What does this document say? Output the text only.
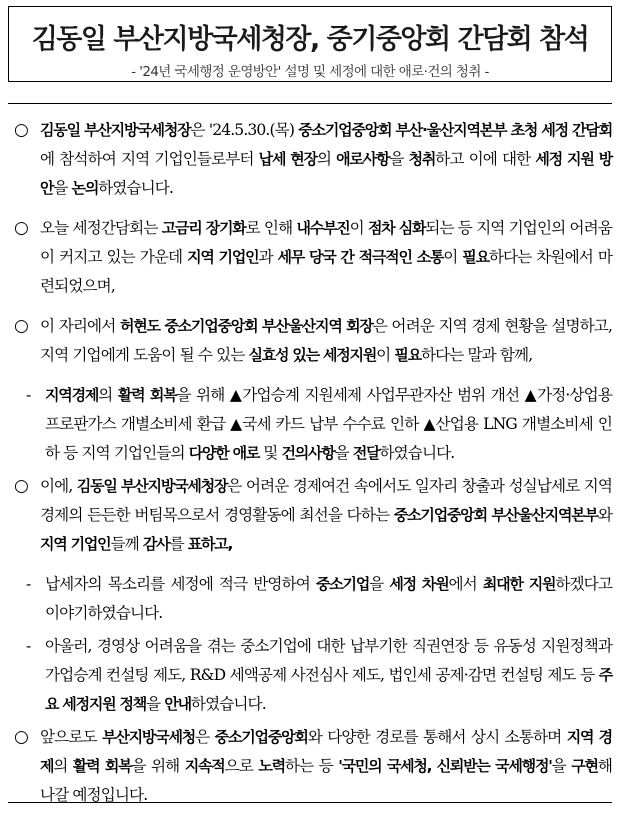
김동일 부산지방국세청장, 중기중앙회 간담회 참석
- '24년 국세행정 운영방안' 설명 및 세정에 대한 애로·건의 청취 -
○ 김동일 부산지방국세청장은 '24.5.30.(목) 중소기업중앙회 부산·울산지역본부 초청 세정 간담회에 참석하여 지역 기업인들로부터 납세 현장의 애로사항을 청취하고 이에 대한 세정 지원 방안을 논의하였습니다.
○ 오늘 세정간담회는 고금리 장기화로 인해 내수부진이 점차 심화되는 등 지역 기업인의 어려움이 커지고 있는 가운데 지역 기업인과 세무 당국 간 적극적인 소통이 필요하다는 차원에서 마련되었으며,
○ 이 자리에서 허현도 중소기업중앙회 부산울산지역 회장은 어려운 지역 경제 현황을 설명하고, 지역 기업에게 도움이 될 수 있는 실효성 있는 세정지원이 필요하다는 말과 함께,
- 지역경제의 활력 회복을 위해 ▲가업승계 지원세제 사업무관자산 범위 개선 ▲가정·상업용 프로판가스 개별소비세 환급 ▲국세 카드 납부 수수료 인하 ▲산업용 LNG 개별소비세 인하 등 지역 기업인들의 다양한 애로 및 건의사항을 전달하였습니다.
○ 이에, 김동일 부산지방국세청장은 어려운 경제여건 속에서도 일자리 창출과 성실납세로 지역 경제의 든든한 버팀목으로서 경영활동에 최선을 다하는 중소기업중앙회 부산울산지역본부와 지역 기업인들께 감사를 표하고,
- 납세자의 목소리를 세정에 적극 반영하여 중소기업을 세정 차원에서 최대한 지원하겠다고 이야기하였습니다.
- 아울러, 경영상 어려움을 겪는 중소기업에 대한 납부기한 직권연장 등 유동성 지원정책과 가업승계 컨설팅 제도, R&D 세액공제 사전심사 제도, 법인세 공제·감면 컨설팅 제도 등 주요 세정지원 정책을 안내하였습니다.
○ 앞으로도 부산지방국세청은 중소기업중앙회와 다양한 경로를 통해서 상시 소통하며 지역 경제의 활력 회복을 위해 지속적으로 노력하는 등 '국민의 국세청, 신뢰받는 국세행정'을 구현해 나갈 예정입니다.
